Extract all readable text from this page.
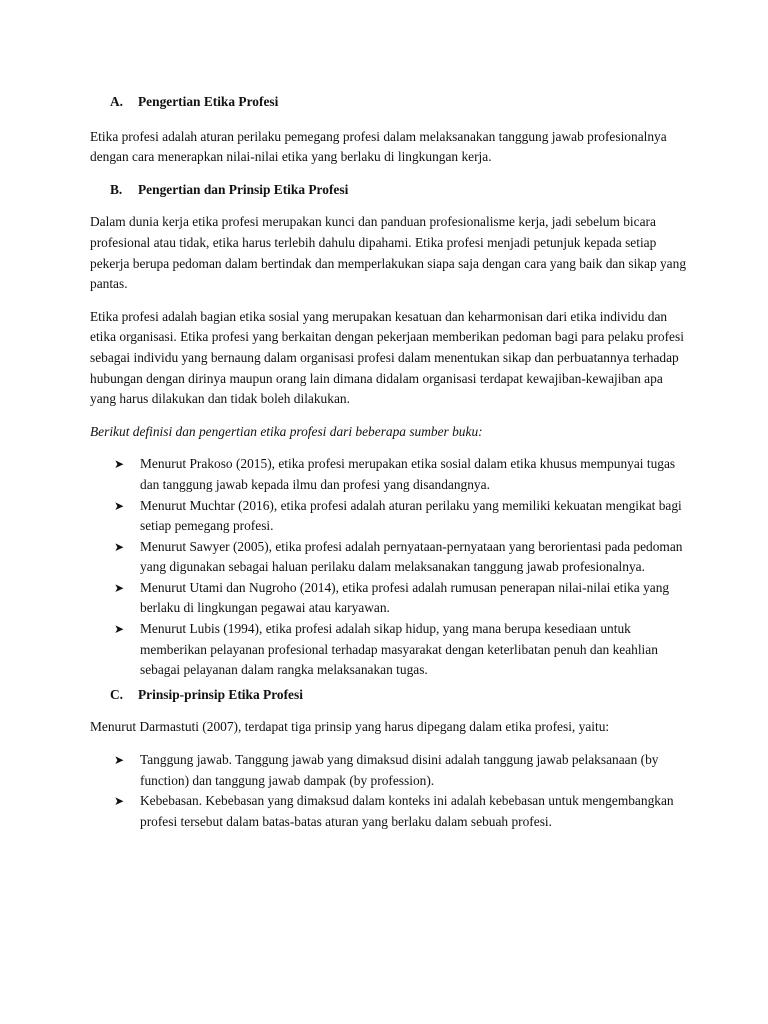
A.	Pengertian Etika Profesi

Etika profesi adalah aturan perilaku pemegang profesi dalam melaksanakan tanggung jawab profesionalnya dengan cara menerapkan nilai-nilai etika yang berlaku di lingkungan kerja.

B.	Pengertian dan Prinsip Etika Profesi

Dalam dunia kerja etika profesi merupakan kunci dan panduan profesionalisme kerja, jadi sebelum bicara profesional atau tidak, etika harus terlebih dahulu dipahami. Etika profesi menjadi petunjuk kepada setiap pekerja berupa pedoman dalam bertindak dan memperlakukan siapa saja dengan cara yang baik dan sikap yang pantas.

Etika profesi adalah bagian etika sosial yang merupakan kesatuan dan keharmonisan dari etika individu dan etika organisasi. Etika profesi yang berkaitan dengan pekerjaan memberikan pedoman bagi para pelaku profesi sebagai individu yang bernaung dalam organisasi profesi dalam menentukan sikap dan perbuatannya terhadap hubungan dengan dirinya maupun orang lain dimana didalam organisasi terdapat kewajiban-kewajiban apa yang harus dilakukan dan tidak boleh dilakukan.

Berikut definisi dan pengertian etika profesi dari beberapa sumber buku:

➤	Menurut Prakoso (2015), etika profesi merupakan etika sosial dalam etika khusus mempunyai tugas dan tanggung jawab kepada ilmu dan profesi yang disandangnya.
➤	Menurut Muchtar (2016), etika profesi adalah aturan perilaku yang memiliki kekuatan mengikat bagi setiap pemegang profesi.
➤	Menurut Sawyer (2005), etika profesi adalah pernyataan-pernyataan yang berorientasi pada pedoman yang digunakan sebagai haluan perilaku dalam melaksanakan tanggung jawab profesionalnya.
➤	Menurut Utami dan Nugroho (2014), etika profesi adalah rumusan penerapan nilai-nilai etika yang berlaku di lingkungan pegawai atau karyawan.
➤	Menurut Lubis (1994), etika profesi adalah sikap hidup, yang mana berupa kesediaan untuk memberikan pelayanan profesional terhadap masyarakat dengan keterlibatan penuh dan keahlian sebagai pelayanan dalam rangka melaksanakan tugas.
C.	Prinsip-prinsip Etika Profesi

Menurut Darmastuti (2007), terdapat tiga prinsip yang harus dipegang dalam etika profesi, yaitu:

➤	Tanggung jawab. Tanggung jawab yang dimaksud disini adalah tanggung jawab pelaksanaan (by function) dan tanggung jawab dampak (by profession).
➤	Kebebasan. Kebebasan yang dimaksud dalam konteks ini adalah kebebasan untuk mengembangkan profesi tersebut dalam batas-batas aturan yang berlaku dalam sebuah profesi.
